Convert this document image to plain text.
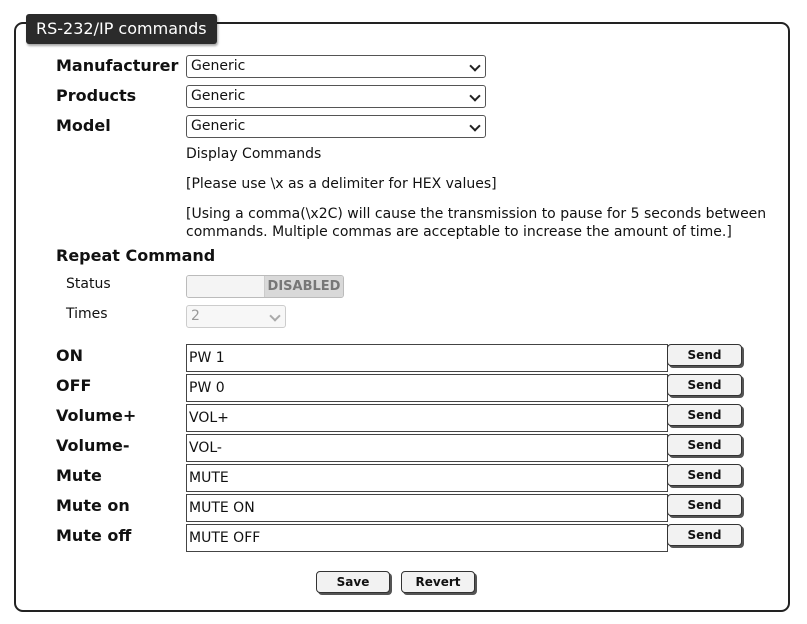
RS-232/IP commands
Manufacturer Generic
Products	Generic
Model	Generic
Display Commands
[Please use \x as a delimiter for HEX values]
[Using a comma(\x2C) will cause the transmission to pause for 5 seconds between
commands. Multiple commas are acceptable to increase the amount of time.]
Repeat Command
Status	DISABLED
Times	2
ON	PW 1	Send
OFF	PW 0	Send
Volume+	VOL+	Send
Volume-	VOL-	Send
Mute	MUTE	Send
Mute on	MUTE ON	Send
Mute off	MUTE OFF	Send
Save	Revert
